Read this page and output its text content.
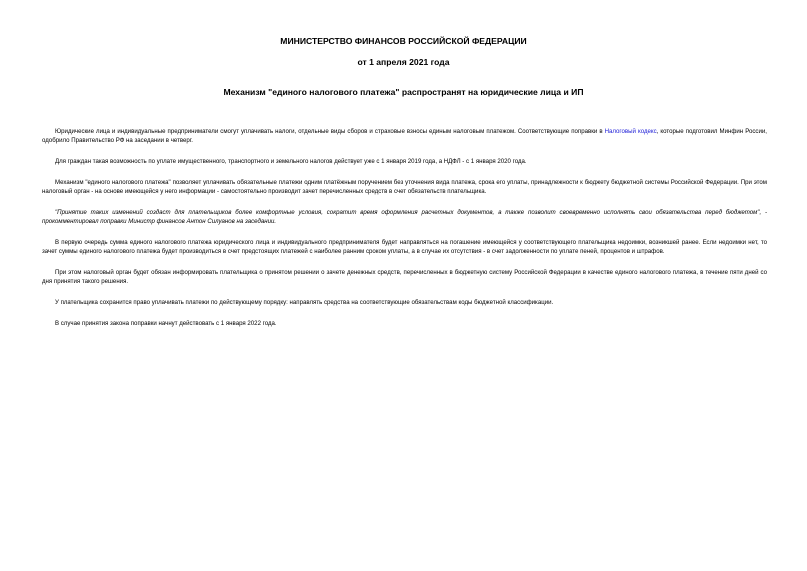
МИНИСТЕРСТВО ФИНАНСОВ РОССИЙСКОЙ ФЕДЕРАЦИИ
от 1 апреля 2021 года
Механизм "единого налогового платежа" распространят на юридические лица и ИП

Юридические лица и индивидуальные предприниматели смогут уплачивать налоги, отдельные виды сборов и страховые взносы единым налоговым платежом. Соответствующие поправки в Налоговый кодекс, которые подготовил Минфин России, одобрило Правительство РФ на заседании в четверг.

Для граждан такая возможность по уплате имущественного, транспортного и земельного налогов действует уже с 1 января 2019 года, а НДФЛ - с 1 января 2020 года.

Механизм "единого налогового платежа" позволяет уплачивать обязательные платежи одним платёжным поручением без уточнения вида платежа, срока его уплаты, принадлежности к бюджету бюджетной системы Российской Федерации. При этом налоговый орган - на основе имеющейся у него информации - самостоятельно производит зачет перечисленных средств в счет обязательств плательщика.

"Принятие таких изменений создаст для плательщиков более комфортные условия, сократит время оформления расчетных документов, а также позволит своевременно исполнять свои обязательства перед бюджетом", - прокомментировал поправки Министр финансов Антон Силуанов на заседании.

В первую очередь сумма единого налогового платежа юридического лица и индивидуального предпринимателя будет направляться на погашение имеющейся у соответствующего плательщика недоимки, возникшей ранее. Если недоимки нет, то зачет суммы единого налогового платежа будет производиться в счет предстоящих платежей с наиболее ранним сроком уплаты, а в случае их отсутствия - в счет задолженности по уплате пеней, процентов и штрафов.

При этом налоговый орган будет обязан информировать плательщика о принятом решении о зачете денежных средств, перечисленных в бюджетную систему Российской Федерации в качестве единого налогового платежа, в течение пяти дней со дня принятия такого решения.

У плательщика сохранится право уплачивать платежи по действующему порядку: направлять средства на соответствующие обязательствам коды бюджетной классификации.

В случае принятия закона поправки начнут действовать с 1 января 2022 года.
